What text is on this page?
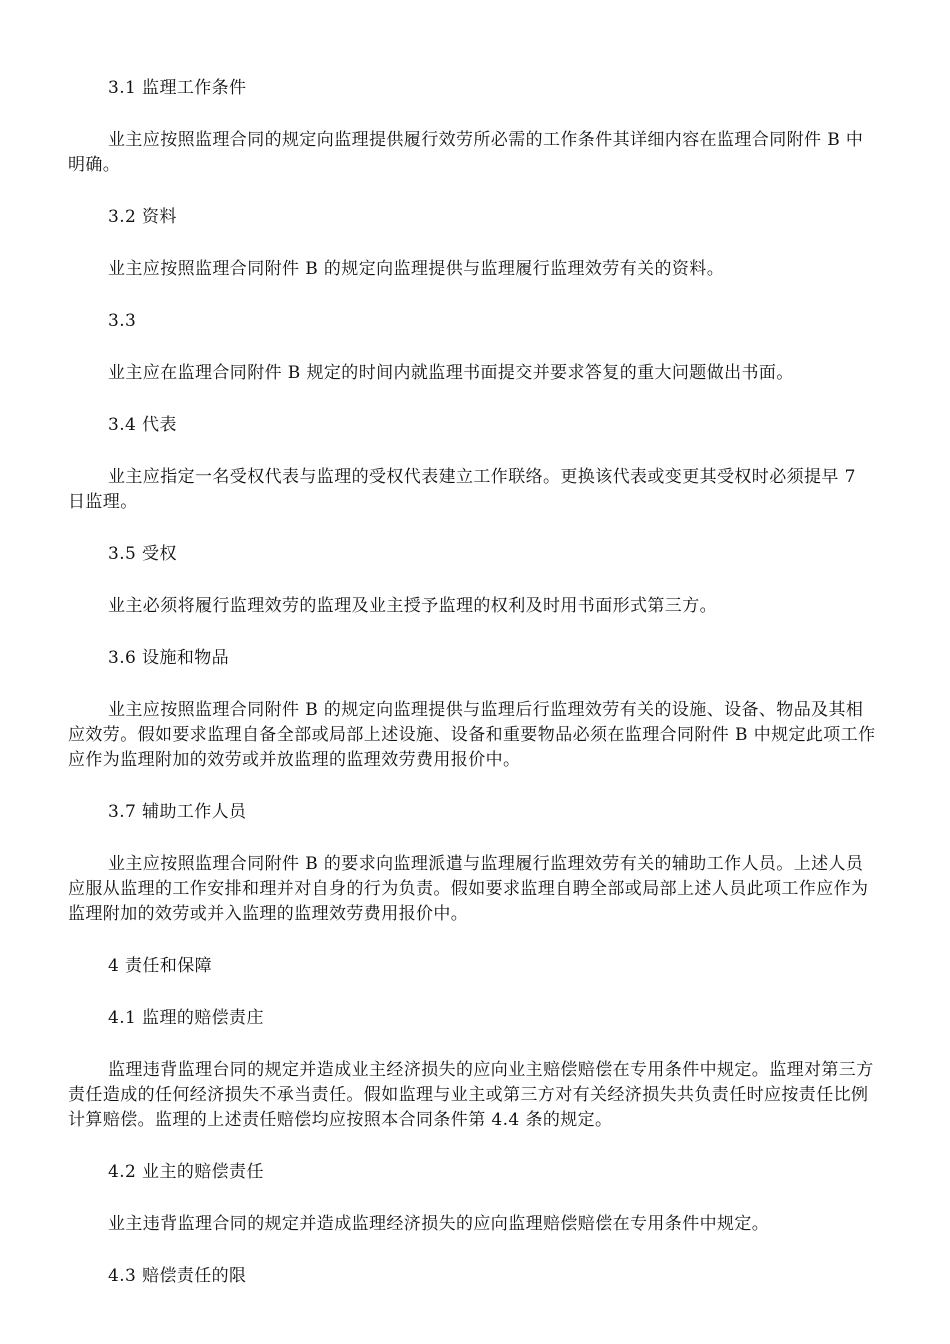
3.1 监理工作条件

业主应按照监理合同的规定向监理提供履行效劳所必需的工作条件其详细内容在监理合同附件 B 中明确。

3.2 资料

业主应按照监理合同附件 B 的规定向监理提供与监理履行监理效劳有关的资料。

3.3

业主应在监理合同附件 B 规定的时间内就监理书面提交并要求答复的重大问题做出书面。

3.4 代表

业主应指定一名受权代表与监理的受权代表建立工作联络。更换该代表或变更其受权时必须提早 7 日监理。

3.5 受权

业主必须将履行监理效劳的监理及业主授予监理的权利及时用书面形式第三方。

3.6 设施和物品

业主应按照监理合同附件 B 的规定向监理提供与监理后行监理效劳有关的设施、设备、物品及其相应效劳。假如要求监理自备全部或局部上述设施、设备和重要物品必须在监理合同附件 B 中规定此项工作应作为监理附加的效劳或并放监理的监理效劳费用报价中。

3.7 辅助工作人员

业主应按照监理合同附件 B 的要求向监理派遣与监理履行监理效劳有关的辅助工作人员。上述人员应服从监理的工作安排和理并对自身的行为负责。假如要求监理自聘全部或局部上述人员此项工作应作为监理附加的效劳或并入监理的监理效劳费用报价中。

4 责任和保障

4.1 监理的赔偿责庄

监理违背监理台同的规定并造成业主经济损失的应向业主赔偿赔偿在专用条件中规定。监理对第三方责任造成的任何经济损失不承当责任。假如监理与业主或第三方对有关经济损失共负责任时应按责任比例计算赔偿。监理的上述责任赔偿均应按照本合同条件第 4.4 条的规定。

4.2 业主的赔偿责任

业主违背监理合同的规定并造成监理经济损失的应向监理赔偿赔偿在专用条件中规定。

4.3 赔偿责任的限
